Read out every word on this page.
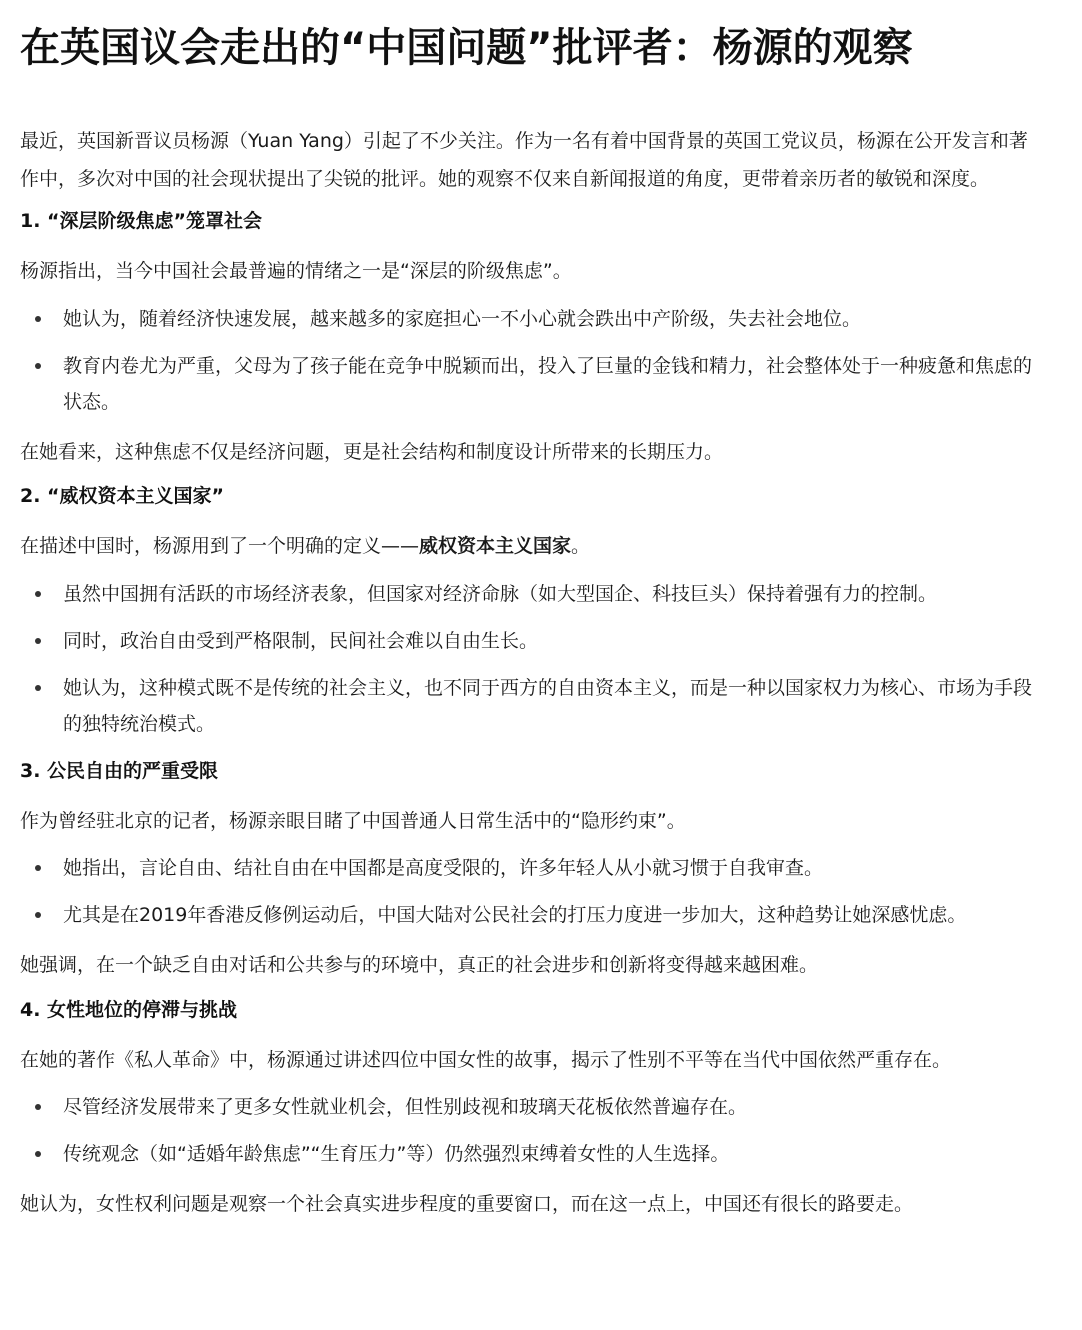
在英国议会走出的“中国问题”批评者：杨源的观察

最近，英国新晋议员杨源（Yuan Yang）引起了不少关注。作为一名有着中国背景的英国工党议员，杨源在公开发言和著作中，多次对中国的社会现状提出了尖锐的批评。她的观察不仅来自新闻报道的角度，更带着亲历者的敏锐和深度。

1. “深层阶级焦虑”笼罩社会

杨源指出，当今中国社会最普遍的情绪之一是“深层的阶级焦虑”。

她认为，随着经济快速发展，越来越多的家庭担心一不小心就会跌出中产阶级，失去社会地位。
教育内卷尤为严重，父母为了孩子能在竞争中脱颖而出，投入了巨量的金钱和精力，社会整体处于一种疲惫和焦虑的状态。

在她看来，这种焦虑不仅是经济问题，更是社会结构和制度设计所带来的长期压力。

2. “威权资本主义国家”

在描述中国时，杨源用到了一个明确的定义——威权资本主义国家。

虽然中国拥有活跃的市场经济表象，但国家对经济命脉（如大型国企、科技巨头）保持着强有力的控制。
同时，政治自由受到严格限制，民间社会难以自由生长。
她认为，这种模式既不是传统的社会主义，也不同于西方的自由资本主义，而是一种以国家权力为核心、市场为手段的独特统治模式。
3. 公民自由的严重受限

作为曾经驻北京的记者，杨源亲眼目睹了中国普通人日常生活中的“隐形约束”。

她指出，言论自由、结社自由在中国都是高度受限的，许多年轻人从小就习惯于自我审查。
尤其是在2019年香港反修例运动后，中国大陆对公民社会的打压力度进一步加大，这种趋势让她深感忧虑。

她强调，在一个缺乏自由对话和公共参与的环境中，真正的社会进步和创新将变得越来越困难。

4. 女性地位的停滞与挑战

在她的著作《私人革命》中，杨源通过讲述四位中国女性的故事，揭示了性别不平等在当代中国依然严重存在。

尽管经济发展带来了更多女性就业机会，但性别歧视和玻璃天花板依然普遍存在。
传统观念（如“适婚年龄焦虑”“生育压力”等）仍然强烈束缚着女性的人生选择。

她认为，女性权利问题是观察一个社会真实进步程度的重要窗口，而在这一点上，中国还有很长的路要走。
